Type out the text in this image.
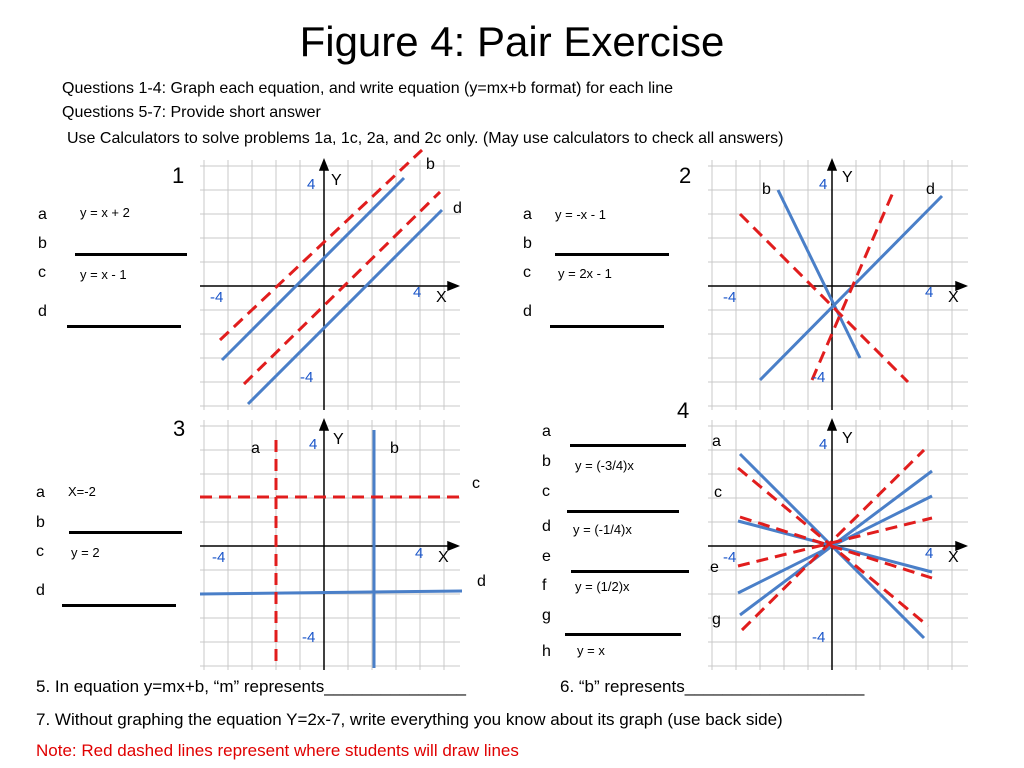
Figure 4: Pair Exercise
Questions 1-4: Graph each equation, and write equation (y=mx+b format) for each line
Questions 5-7: Provide short answer
Use Calculators to solve problems 1a, 1c, 2a, and 2c only. (May use calculators to check all answers)
1
a	y = x + 2
b
c	y = x - 1
d
4 Y
-4	4 X
-4
b
d
2
a y = -x - 1
b
c y = 2x - 1
d
4 Y
-4	4 X
-4
b	d
3
a X=-2
b
c y = 2
d
4 Y
-4	4 X
-4
a	b
c
d
4
a
b y = (-3/4)x
c
d y = (-1/4)x
e
f y = (1/2)x
g
h y = x
4 Y
-4	4 X
-4
a
c
e
g
5. In equation y=mx+b, “m” represents_______________	6. “b” represents___________________
7. Without graphing the equation Y=2x-7, write everything you know about its graph (use back side)
Note: Red dashed lines represent where students will draw lines
